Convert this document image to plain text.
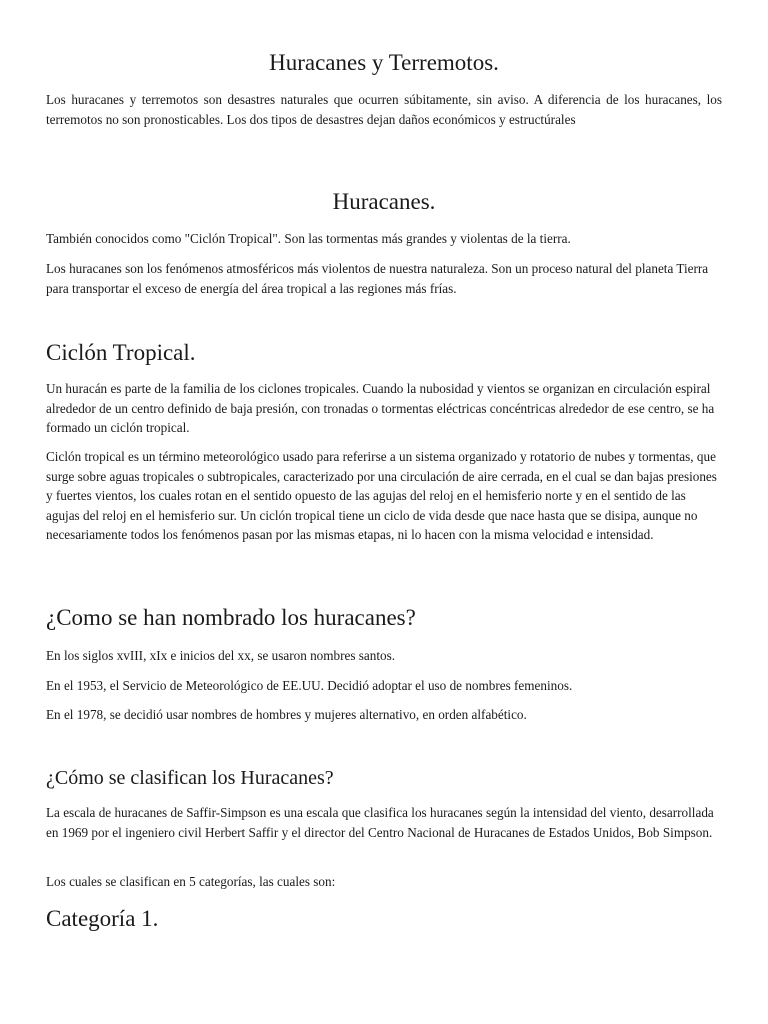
Huracanes y Terremotos.

Los huracanes y terremotos son desastres naturales que ocurren súbitamente, sin aviso. A diferencia de los huracanes, los terremotos no son pronosticables. Los dos tipos de desastres dejan daños económicos y estructúrales

Huracanes.

También conocidos como "Ciclón Tropical". Son las tormentas más grandes y violentas de la tierra.

Los huracanes son los fenómenos atmosféricos más violentos de nuestra naturaleza. Son un proceso natural del planeta Tierra para transportar el exceso de energía del área tropical a las regiones más frías.

Ciclón Tropical.

Un huracán es parte de la familia de los ciclones tropicales. Cuando la nubosidad y vientos se organizan en circulación espiral alrededor de un centro definido de baja presión, con tronadas o tormentas eléctricas concéntricas alrededor de ese centro, se ha formado un ciclón tropical.

Ciclón tropical es un término meteorológico usado para referirse a un sistema organizado y rotatorio de nubes y tormentas, que surge sobre aguas tropicales o subtropicales, caracterizado por una circulación de aire cerrada, en el cual se dan bajas presiones y fuertes vientos, los cuales rotan en el sentido opuesto de las agujas del reloj en el hemisferio norte y en el sentido de las agujas del reloj en el hemisferio sur. Un ciclón tropical tiene un ciclo de vida desde que nace hasta que se disipa, aunque no necesariamente todos los fenómenos pasan por las mismas etapas, ni lo hacen con la misma velocidad e intensidad.

¿Como se han nombrado los huracanes?

En los siglos xvIII, xIx e inicios del xx, se usaron nombres santos.

En el 1953, el Servicio de Meteorológico de EE.UU. Decidió adoptar el uso de nombres femeninos.

En el 1978, se decidió usar nombres de hombres y mujeres alternativo, en orden alfabético.

¿Cómo se clasifican los Huracanes?

La escala de huracanes de Saffir-Simpson es una escala que clasifica los huracanes según la intensidad del viento, desarrollada en 1969 por el ingeniero civil Herbert Saffir y el director del Centro Nacional de Huracanes de Estados Unidos, Bob Simpson.

Los cuales se clasifican en 5 categorías, las cuales son:

Categoría 1.
